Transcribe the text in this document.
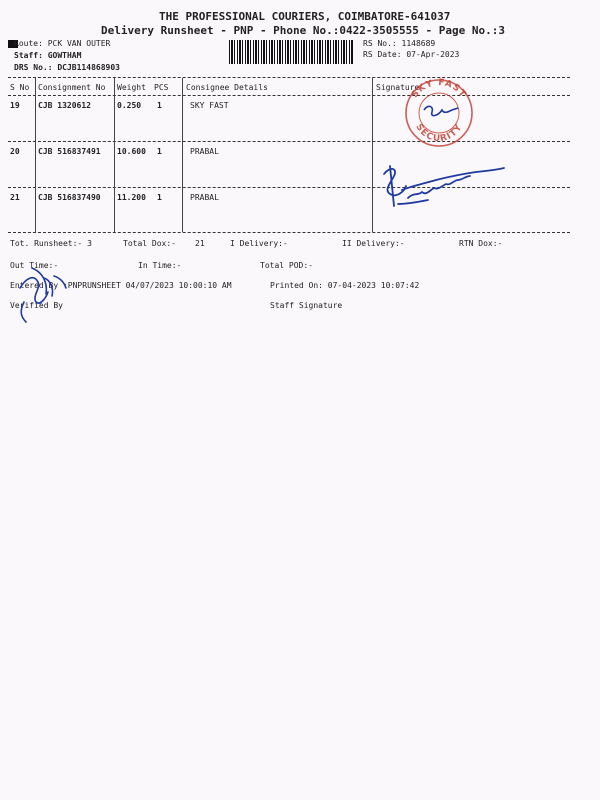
THE PROFESSIONAL COURIERS, COIMBATORE-641037
Delivery Runsheet - PNP - Phone No.:0422-3505555 - Page No.:3
Route: PCK VAN OUTER
Staff: GOWTHAM
DRS No.: DCJB114868903
RS No.: 1148689
RS Date: 07-Apr-2023
S No Consignment No Weight PCS Consignee Details	Signature
19 CJB 1320612	0.250 1	SKY FAST
20 CJB 516837491 10.600 1	PRABAL
21 CJB 516837490 11.200 1	PRABAL
SKY FAST
SECURITY
Tot. Runsheet:- 3	Total Dox:- 21	I Delivery:-	II Delivery:-	RTN Dox:-
Out Time:-	In Time:-	Total POD:-
Entered By :PNPRUNSHEET 04/07/2023 10:00:10 AM	Printed On: 07-04-2023 10:07:42
Verified By	Staff Signature
